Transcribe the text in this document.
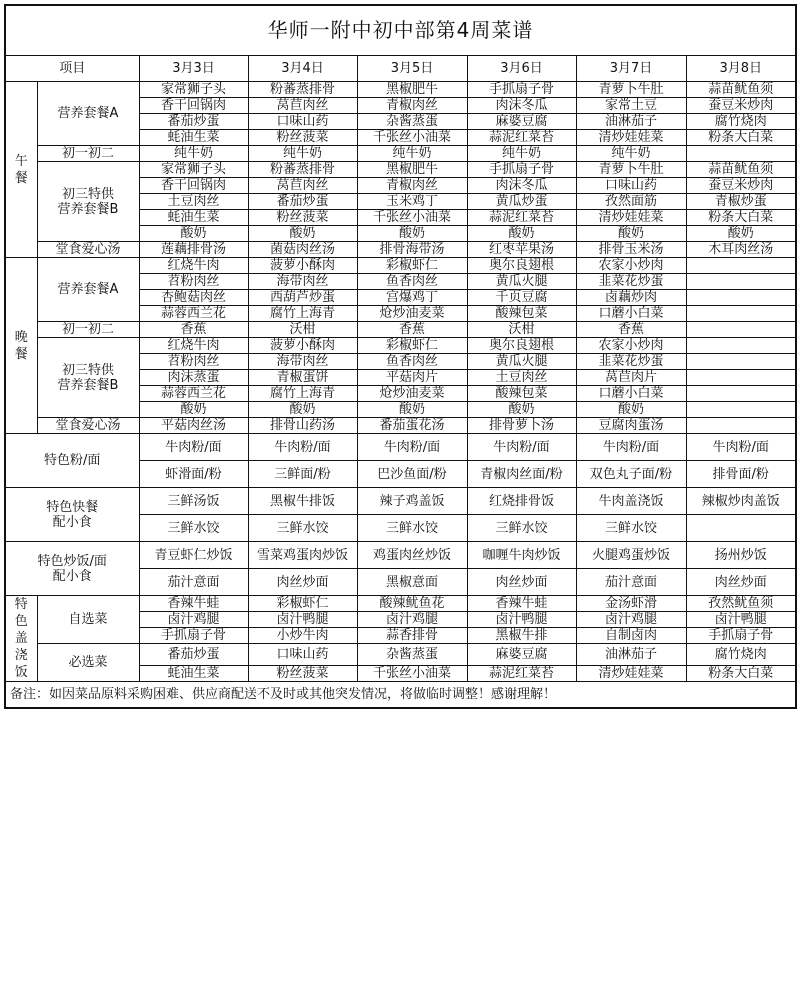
华师一附中初中部第4周菜谱							
项目		3月3日	3月4日	3月5日	3月6日	3月7日	3月8日
午
餐	营养套餐A	家常狮子头	粉蕃蒸排骨	黑椒肥牛	手抓扇子骨	青萝卜牛肚	蒜苗鱿鱼须
		香干回锅肉	莴苣肉丝	青椒肉丝	肉沫冬瓜	家常土豆	蚕豆米炒肉
		番茄炒蛋	口味山药	杂酱蒸蛋	麻婆豆腐	油淋茄子	腐竹烧肉
		蚝油生菜	粉丝菠菜	千张丝小油菜	蒜泥红菜苔	清炒娃娃菜	粉条大白菜
	初一初二	纯牛奶	纯牛奶	纯牛奶	纯牛奶	纯牛奶	
	初三特供
营养套餐B	家常狮子头	粉蕃蒸排骨	黑椒肥牛	手抓扇子骨	青萝卜牛肚	蒜苗鱿鱼须
		香干回锅肉	莴苣肉丝	青椒肉丝	肉沫冬瓜	口味山药	蚕豆米炒肉
		土豆肉丝	番茄炒蛋	玉米鸡丁	黄瓜炒蛋	孜然面筋	青椒炒蛋
		蚝油生菜	粉丝菠菜	千张丝小油菜	蒜泥红菜苔	清炒娃娃菜	粉条大白菜
		酸奶	酸奶	酸奶	酸奶	酸奶	酸奶
	堂食爱心汤	莲藕排骨汤	菌菇肉丝汤	排骨海带汤	红枣苹果汤	排骨玉米汤	木耳肉丝汤
晚
餐	营养套餐A	红烧牛肉	菠萝小酥肉	彩椒虾仁	奥尔良翅根	农家小炒肉	
		苕粉肉丝	海带肉丝	鱼香肉丝	黄瓜火腿	韭菜花炒蛋	
		杏鲍菇肉丝	西葫芦炒蛋	宫爆鸡丁	千页豆腐	卤藕炒肉	
		蒜蓉西兰花	腐竹上海青	炝炒油麦菜	酸辣包菜	口蘑小白菜	
	初一初二	香蕉	沃柑	香蕉	沃柑	香蕉	
	初三特供
营养套餐B	红烧牛肉	菠萝小酥肉	彩椒虾仁	奥尔良翅根	农家小炒肉	
		苕粉肉丝	海带肉丝	鱼香肉丝	黄瓜火腿	韭菜花炒蛋	
		肉沫蒸蛋	青椒蛋饼	平菇肉片	土豆肉丝	莴苣肉片	
		蒜蓉西兰花	腐竹上海青	炝炒油麦菜	酸辣包菜	口蘑小白菜	
		酸奶	酸奶	酸奶	酸奶	酸奶	
	堂食爱心汤	平菇肉丝汤	排骨山药汤	番茄蛋花汤	排骨萝卜汤	豆腐肉蛋汤	
特色粉/面		牛肉粉/面	牛肉粉/面	牛肉粉/面	牛肉粉/面	牛肉粉/面	牛肉粉/面
		虾滑面/粉	三鲜面/粉	巴沙鱼面/粉	青椒肉丝面/粉	双色丸子面/粉	排骨面/粉
特色快餐
配小食		三鲜汤饭	黑椒牛排饭	辣子鸡盖饭	红烧排骨饭	牛肉盖浇饭	辣椒炒肉盖饭
		三鲜水饺	三鲜水饺	三鲜水饺	三鲜水饺	三鲜水饺	
特色炒饭/面
配小食		青豆虾仁炒饭	雪菜鸡蛋肉炒饭	鸡蛋肉丝炒饭	咖喱牛肉炒饭	火腿鸡蛋炒饭	扬州炒饭
		茄汁意面	肉丝炒面	黑椒意面	肉丝炒面	茄汁意面	肉丝炒面
特
色
盖
浇
饭	自选菜	香辣牛蛙	彩椒虾仁	酸辣鱿鱼花	香辣牛蛙	金汤虾滑	孜然鱿鱼须
		卤汁鸡腿	卤汁鸭腿	卤汁鸡腿	卤汁鸭腿	卤汁鸡腿	卤汁鸭腿
		手抓扇子骨	小炒牛肉	蒜香排骨	黑椒牛排	自制卤肉	手抓扇子骨
	必选菜	番茄炒蛋	口味山药	杂酱蒸蛋	麻婆豆腐	油淋茄子	腐竹烧肉
		蚝油生菜	粉丝菠菜	千张丝小油菜	蒜泥红菜苔	清炒娃娃菜	粉条大白菜
备注：如因菜品原料采购困难、供应商配送不及时或其他突发情况，将做临时调整！感谢理解！							
